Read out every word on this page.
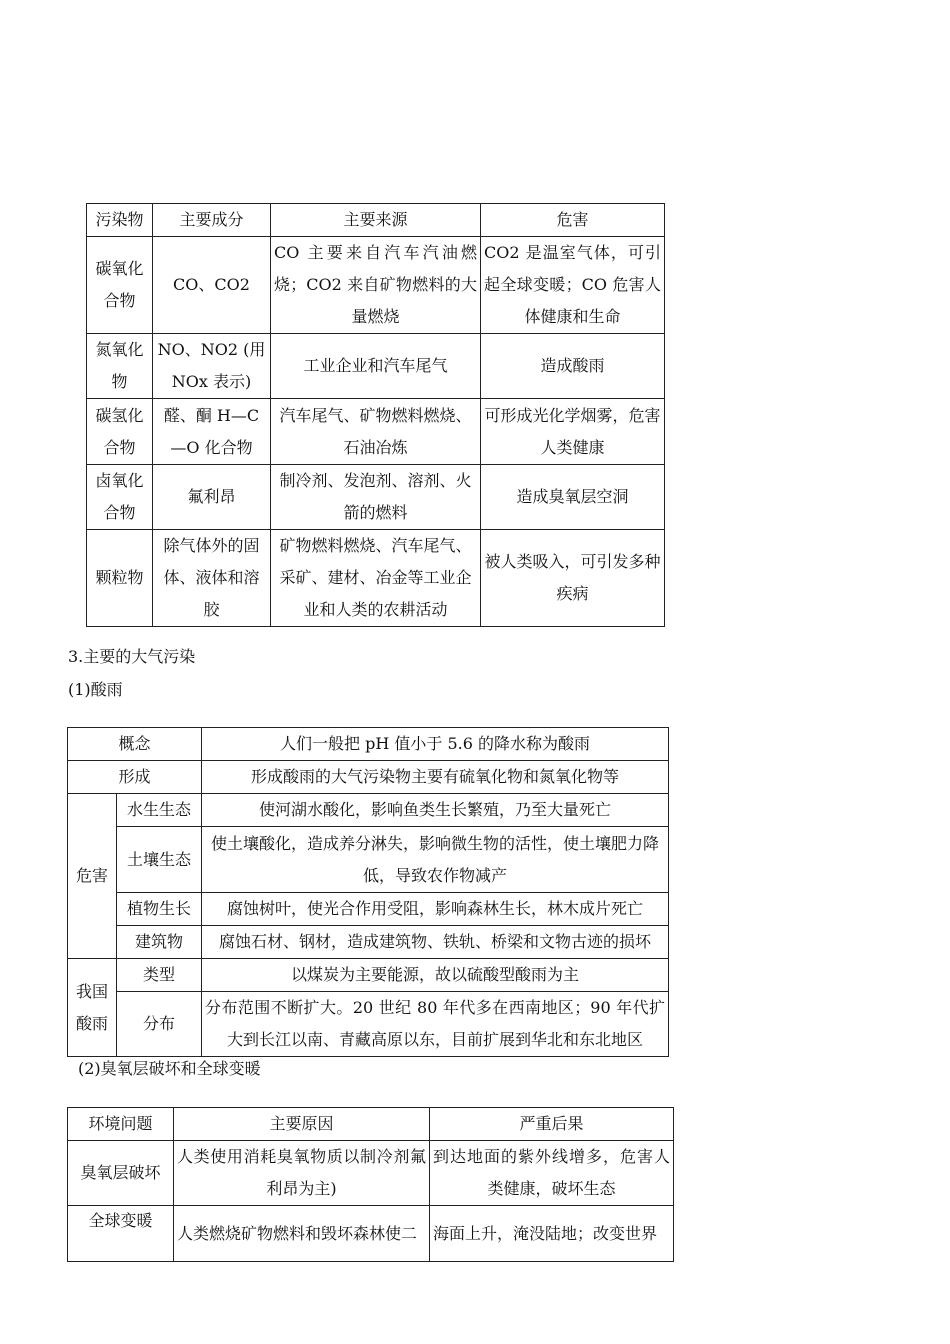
污染物	主要成分	主要来源	危害
碳氧化合物	CO、CO2	CO 主要来自汽车汽油燃烧；CO2 来自矿物燃料的大量燃烧	CO2 是温室气体，可引起全球变暖；CO 危害人体健康和生命
氮氧化物	NO、NO2 (用 NOx 表示)	工业企业和汽车尾气	造成酸雨
碳氢化合物	醛、酮 H—C—O 化合物	汽车尾气、矿物燃料燃烧、石油冶炼	可形成光化学烟雾，危害人类健康
卤氧化合物	氟利昂	制冷剂、发泡剂、溶剂、火箭的燃料	造成臭氧层空洞
颗粒物	除气体外的固体、液体和溶胶	矿物燃料燃烧、汽车尾气、采矿、建材、冶金等工业企业和人类的农耕活动	被人类吸入，可引发多种疾病
3.主要的大气污染
(1)酸雨
概念		人们一般把 pH 值小于 5.6 的降水称为酸雨
形成		形成酸雨的大气污染物主要有硫氧化物和氮氧化物等
危害	水生生态	使河湖水酸化，影响鱼类生长繁殖，乃至大量死亡
	土壤生态	使土壤酸化，造成养分淋失，影响微生物的活性，使土壤肥力降低，导致农作物减产
	植物生长	腐蚀树叶，使光合作用受阻，影响森林生长，林木成片死亡
	建筑物	腐蚀石材、钢材，造成建筑物、铁轨、桥梁和文物古迹的损坏
我国酸雨	类型	以煤炭为主要能源，故以硫酸型酸雨为主
	分布	分布范围不断扩大。20 世纪 80 年代多在西南地区；90 年代扩大到长江以南、青藏高原以东，目前扩展到华北和东北地区
(2)臭氧层破坏和全球变暖
环境问题	主要原因	严重后果
臭氧层破坏	人类使用消耗臭氧物质以制冷剂氟利昂为主)	到达地面的紫外线增多，危害人类健康，破坏生态
全球变暖	人类燃烧矿物燃料和毁坏森林使二	海面上升，淹没陆地；改变世界
